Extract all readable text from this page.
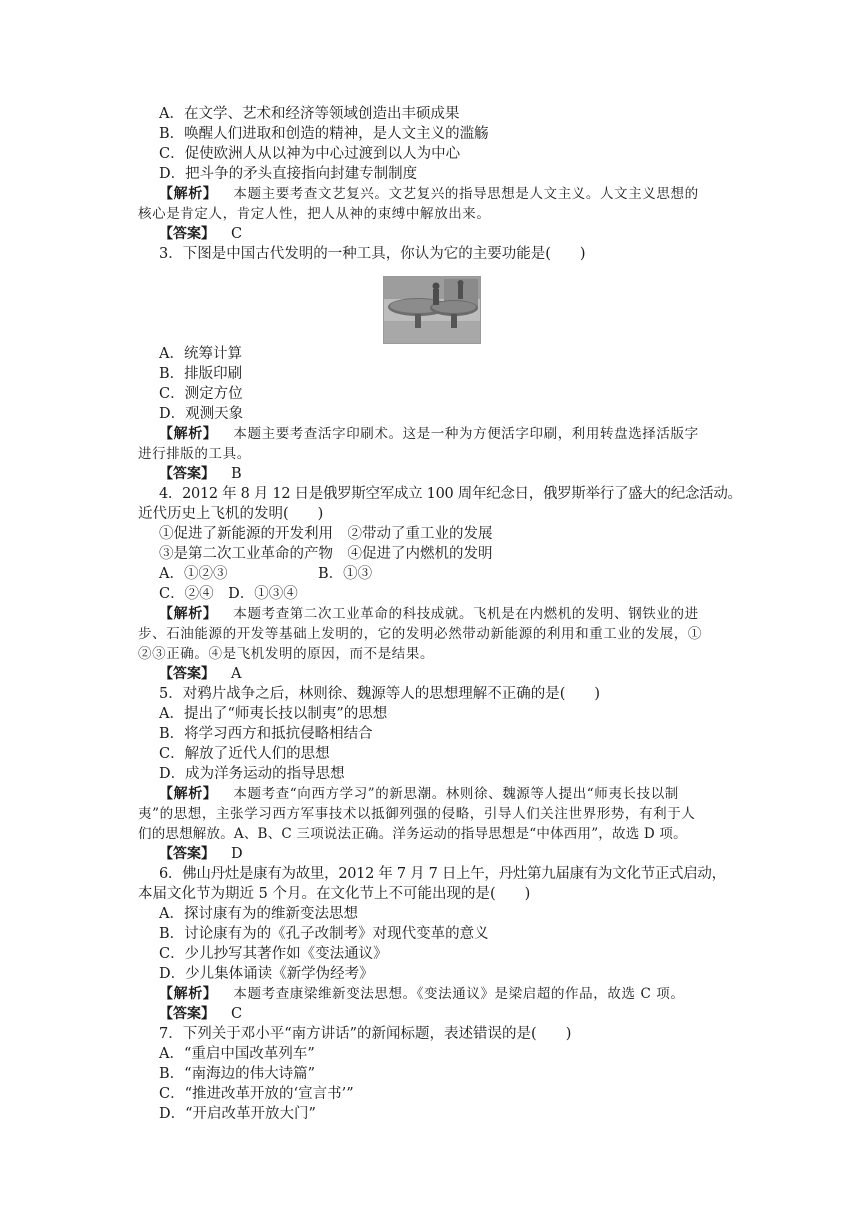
A．在文学、艺术和经济等领域创造出丰硕成果
B．唤醒人们进取和创造的精神，是人文主义的滥觞
C．促使欧洲人从以神为中心过渡到以人为中心
D．把斗争的矛头直接指向封建专制制度
【解析】 本题主要考查文艺复兴。文艺复兴的指导思想是人文主义。人文主义思想的
核心是肯定人，肯定人性，把人从神的束缚中解放出来。
【答案】 C
3．下图是中国古代发明的一种工具，你认为它的主要功能是(　　)
A．统筹计算
B．排版印刷
C．测定方位
D．观测天象
【解析】 本题主要考查活字印刷术。这是一种为方便活字印刷，利用转盘选择活版字
进行排版的工具。
【答案】 B
4．2012 年 8 月 12 日是俄罗斯空军成立 100 周年纪念日，俄罗斯举行了盛大的纪念活动。
近代历史上飞机的发明(　　)
①促进了新能源的开发利用　②带动了重工业的发展
③是第二次工业革命的产物　④促进了内燃机的发明
A．①②③	B．①③
C．②④　D．①③④
【解析】 本题考查第二次工业革命的科技成就。飞机是在内燃机的发明、钢铁业的进
步、石油能源的开发等基础上发明的，它的发明必然带动新能源的利用和重工业的发展，①
②③正确。④是飞机发明的原因，而不是结果。
【答案】 A
5．对鸦片战争之后，林则徐、魏源等人的思想理解不正确的是(　　)
A．提出了“师夷长技以制夷”的思想
B．将学习西方和抵抗侵略相结合
C．解放了近代人们的思想
D．成为洋务运动的指导思想
【解析】 本题考查“向西方学习”的新思潮。林则徐、魏源等人提出“师夷长技以制
夷”的思想，主张学习西方军事技术以抵御列强的侵略，引导人们关注世界形势，有利于人
们的思想解放。A、B、C 三项说法正确。洋务运动的指导思想是“中体西用”，故选 D 项。
【答案】 D
6．佛山丹灶是康有为故里，2012 年 7 月 7 日上午，丹灶第九届康有为文化节正式启动，
本届文化节为期近 5 个月。在文化节上不可能出现的是(　　)
A．探讨康有为的维新变法思想
B．讨论康有为的《孔子改制考》对现代变革的意义
C．少儿抄写其著作如《变法通议》
D．少儿集体诵读《新学伪经考》
【解析】 本题考查康梁维新变法思想。《变法通议》是梁启超的作品，故选 C 项。
【答案】 C
7．下列关于邓小平“南方讲话”的新闻标题，表述错误的是(　　)
A．“重启中国改革列车”
B．“南海边的伟大诗篇”
C．“推进改革开放的‘宣言书’”
D．“开启改革开放大门”
